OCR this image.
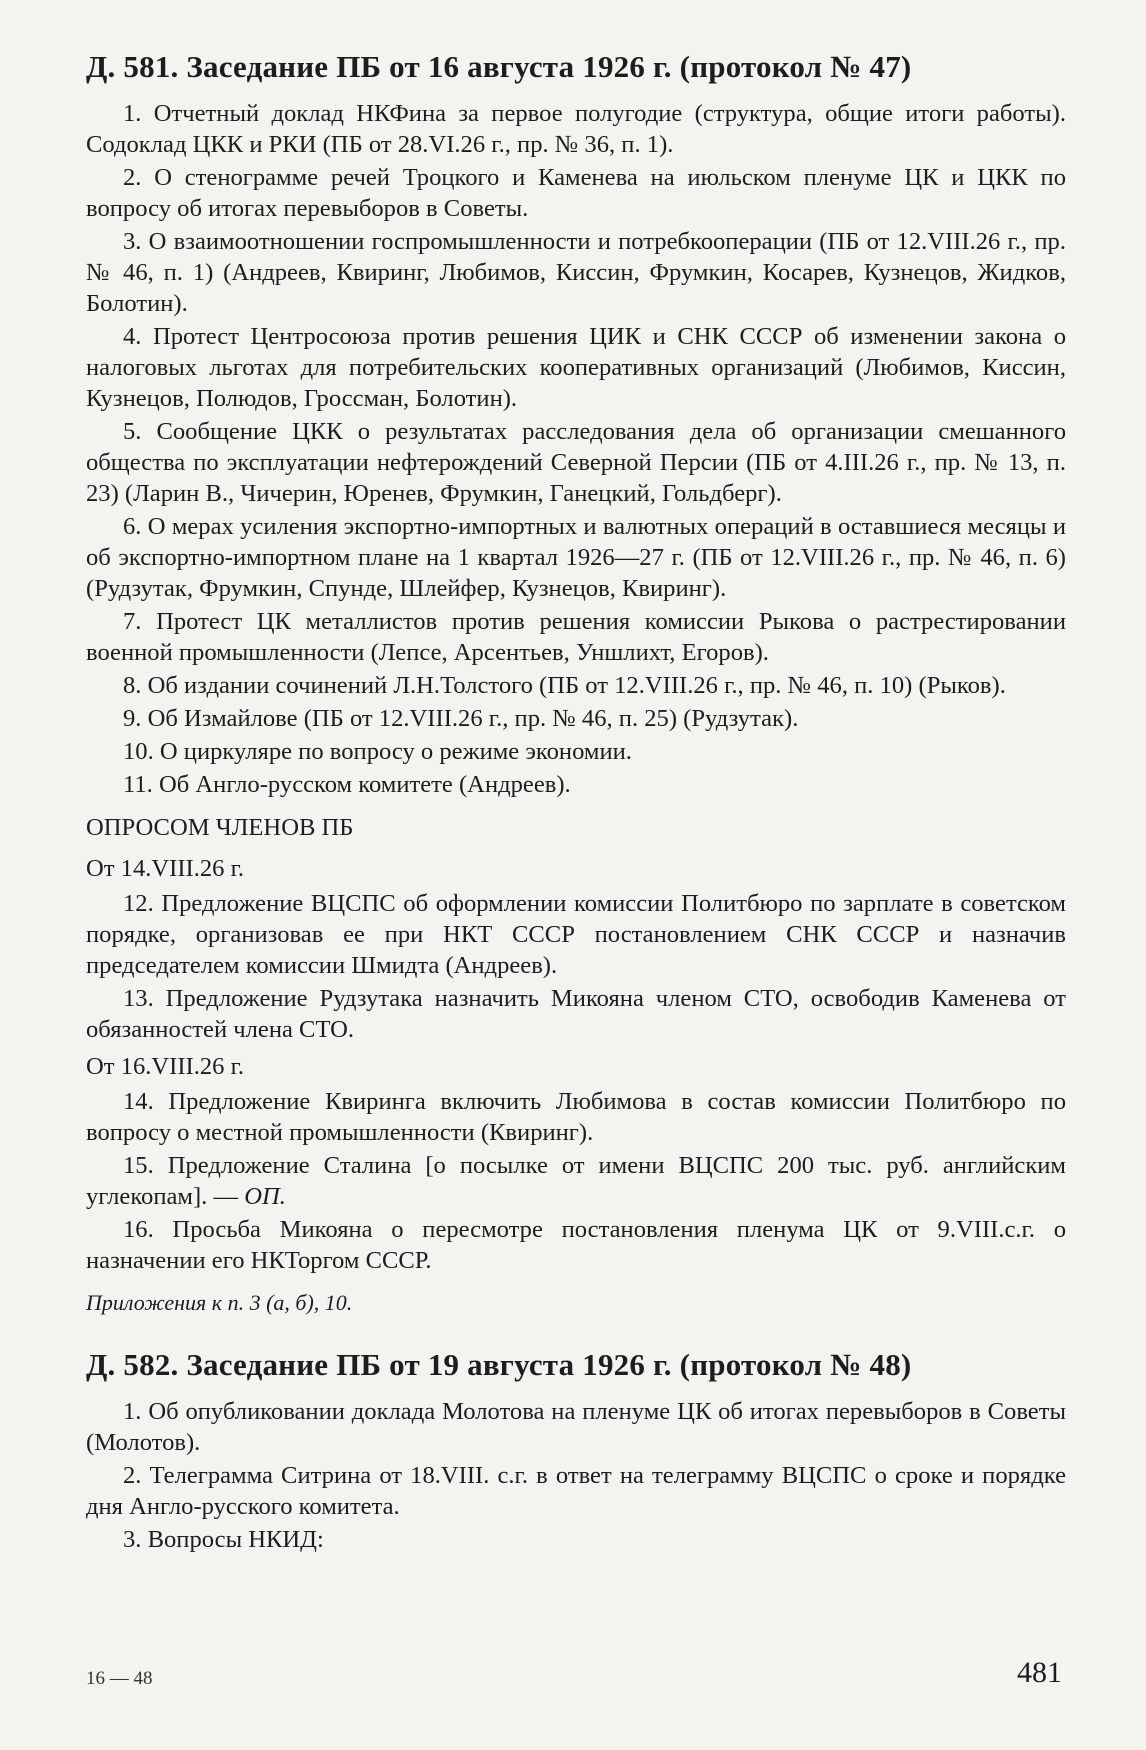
Д. 581. Заседание ПБ от 16 августа 1926 г. (протокол № 47)

1. Отчетный доклад НКФина за первое полугодие (структура, общие итоги работы). Содоклад ЦКК и РКИ (ПБ от 28.VI.26 г., пр. № 36, п. 1).

2. О стенограмме речей Троцкого и Каменева на июльском пленуме ЦК и ЦКК по вопросу об итогах перевыборов в Советы.

3. О взаимоотношении госпромышленности и потребкооперации (ПБ от 12.VIII.26 г., пр. № 46, п. 1) (Андреев, Квиринг, Любимов, Киссин, Фрумкин, Косарев, Кузнецов, Жидков, Болотин).

4. Протест Центросоюза против решения ЦИК и СНК СССР об изменении закона о налоговых льготах для потребительских кооперативных организаций (Любимов, Киссин, Кузнецов, Полюдов, Гроссман, Болотин).

5. Сообщение ЦКК о результатах расследования дела об организации смешанного общества по эксплуатации нефтерождений Северной Персии (ПБ от 4.III.26 г., пр. № 13, п. 23) (Ларин В., Чичерин, Юренев, Фрумкин, Ганецкий, Гольдберг).

6. О мерах усиления экспортно-импортных и валютных операций в оставшиеся месяцы и об экспортно-импортном плане на 1 квартал 1926—27 г. (ПБ от 12.VIII.26 г., пр. № 46, п. 6) (Рудзутак, Фрумкин, Спунде, Шлейфер, Кузнецов, Квиринг).

7. Протест ЦК металлистов против решения комиссии Рыкова о растрестировании военной промышленности (Лепсе, Арсентьев, Уншлихт, Егоров).

8. Об издании сочинений Л.Н.Толстого (ПБ от 12.VIII.26 г., пр. № 46, п. 10) (Рыков).

9. Об Измайлове (ПБ от 12.VIII.26 г., пр. № 46, п. 25) (Рудзутак).

10. О циркуляре по вопросу о режиме экономии.

11. Об Англо-русском комитете (Андреев).

ОПРОСОМ ЧЛЕНОВ ПБ
От 14.VIII.26 г.

12. Предложение ВЦСПС об оформлении комиссии Политбюро по зарплате в советском порядке, организовав ее при НКТ СССР постановлением СНК СССР и назначив председателем комиссии Шмидта (Андреев).

13. Предложение Рудзутака назначить Микояна членом СТО, освободив Каменева от обязанностей члена СТО.

От 16.VIII.26 г.

14. Предложение Квиринга включить Любимова в состав комиссии Политбюро по вопросу о местной промышленности (Квиринг).

15. Предложение Сталина [о посылке от имени ВЦСПС 200 тыс. руб. английским углекопам]. — ОП.

16. Просьба Микояна о пересмотре постановления пленума ЦК от 9.VIII.с.г. о назначении его НКТоргом СССР.

Приложения к п. 3 (а, б), 10.
Д. 582. Заседание ПБ от 19 августа 1926 г. (протокол № 48)

1. Об опубликовании доклада Молотова на пленуме ЦК об итогах перевыборов в Советы (Молотов).

2. Телеграмма Ситрина от 18.VIII. с.г. в ответ на телеграмму ВЦСПС о сроке и порядке дня Англо-русского комитета.

3. Вопросы НКИД:

16 — 48	481
